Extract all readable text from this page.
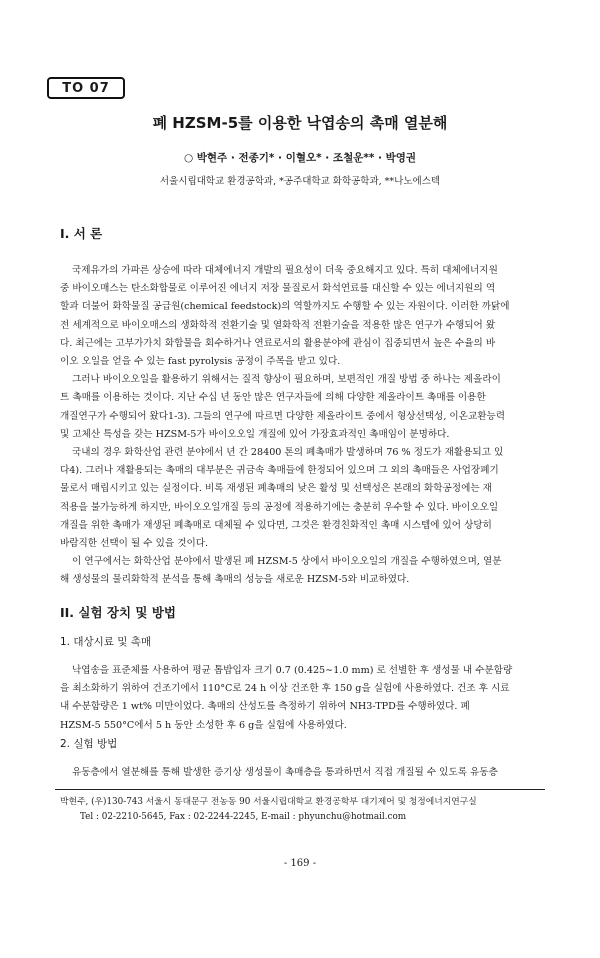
TO 07
폐 HZSM-5를 이용한 낙엽송의 촉매 열분해
○ 박현주 · 전종기* · 이혈오* · 조철운** · 박영권
서울시립대학교 환경공학과, *공주대학교 화학공학과, **나노에스텍
I. 서 론

국제유가의 가파른 상승에 따라 대체에너지 개발의 필요성이 더욱 중요해지고 있다. 특히 대체에너지원

중 바이오매스는 탄소화합물로 이루어진 에너지 저장 물질로서 화석연료를 대신할 수 있는 에너지원의 역

할과 더불어 화학물질 공급원(chemical feedstock)의 역할까지도 수행할 수 있는 자원이다. 이러한 까닭에

전 세계적으로 바이오매스의 생화학적 전환기술 및 열화학적 전환기술을 적용한 많은 연구가 수행되어 왔

다. 최근에는 고부가가치 화합물을 회수하거나 연료로서의 활용분야에 관심이 집중되면서 높은 수율의 바

이오 오일을 얻을 수 있는 fast pyrolysis 공정이 주목을 받고 있다.

그러나 바이오오일을 활용하기 위해서는 질적 향상이 필요하며, 보편적인 개질 방법 중 하나는 제올라이

트 촉매를 이용하는 것이다. 지난 수십 년 동안 많은 연구자들에 의해 다양한 제올라이트 촉매를 이용한

개질연구가 수행되어 왔다1-3). 그들의 연구에 따르면 다양한 제올라이트 중에서 형상선택성, 이온교환능력

및 고체산 특성을 갖는 HZSM-5가 바이오오일 개질에 있어 가장효과적인 촉매임이 분명하다.

국내의 경우 화학산업 관련 분야에서 년 간 28400 톤의 폐촉매가 발생하며 76 % 정도가 재활용되고 있

다4). 그러나 재활용되는 촉매의 대부분은 귀금속 촉매들에 한정되어 있으며 그 외의 촉매들은 사업장폐기

물로서 매립시키고 있는 실정이다. 비록 재생된 폐촉매의 낮은 활성 및 선택성은 본래의 화학공정에는 재

적용을 불가능하게 하지만, 바이오오일개질 등의 공정에 적용하기에는 충분히 우수할 수 있다. 바이오오일

개질을 위한 촉매가 재생된 폐촉매로 대체될 수 있다면, 그것은 환경친화적인 촉매 시스템에 있어 상당히

바람직한 선택이 될 수 있을 것이다.

이 연구에서는 화학산업 분야에서 발생된 폐 HZSM-5 상에서 바이오오일의 개질을 수행하였으며, 열분

해 생성물의 물리화학적 분석을 통해 촉매의 성능을 새로운 HZSM-5와 비교하였다.

II. 실험 장치 및 방법
1. 대상시료 및 촉매

낙엽송을 표준체를 사용하여 평균 톱밥입자 크기 0.7 (0.425∼1.0 mm) 로 선별한 후 생성물 내 수분함량

을 최소화하기 위하여 건조기에서 110°C로 24 h 이상 건조한 후 150 g을 실험에 사용하였다. 건조 후 시료

내 수분함량은 1 wt% 미만이었다. 촉매의 산성도를 측정하기 위하여 NH3-TPD를 수행하였다. 폐

HZSM-5 550°C에서 5 h 동안 소성한 후 6 g을 실험에 사용하였다.

2. 실험 방법

유동층에서 열분해를 통해 발생한 증기상 생성물이 촉매층을 통과하면서 직접 개질될 수 있도록 유동층

박현주, (우)130-743 서울시 동대문구 전농동 90 서울시립대학교 환경공학부 대기제어 및 청정에너지연구실
Tel : 02-2210-5645, Fax : 02-2244-2245, E-mail : phyunchu@hotmail.com
- 169 -
